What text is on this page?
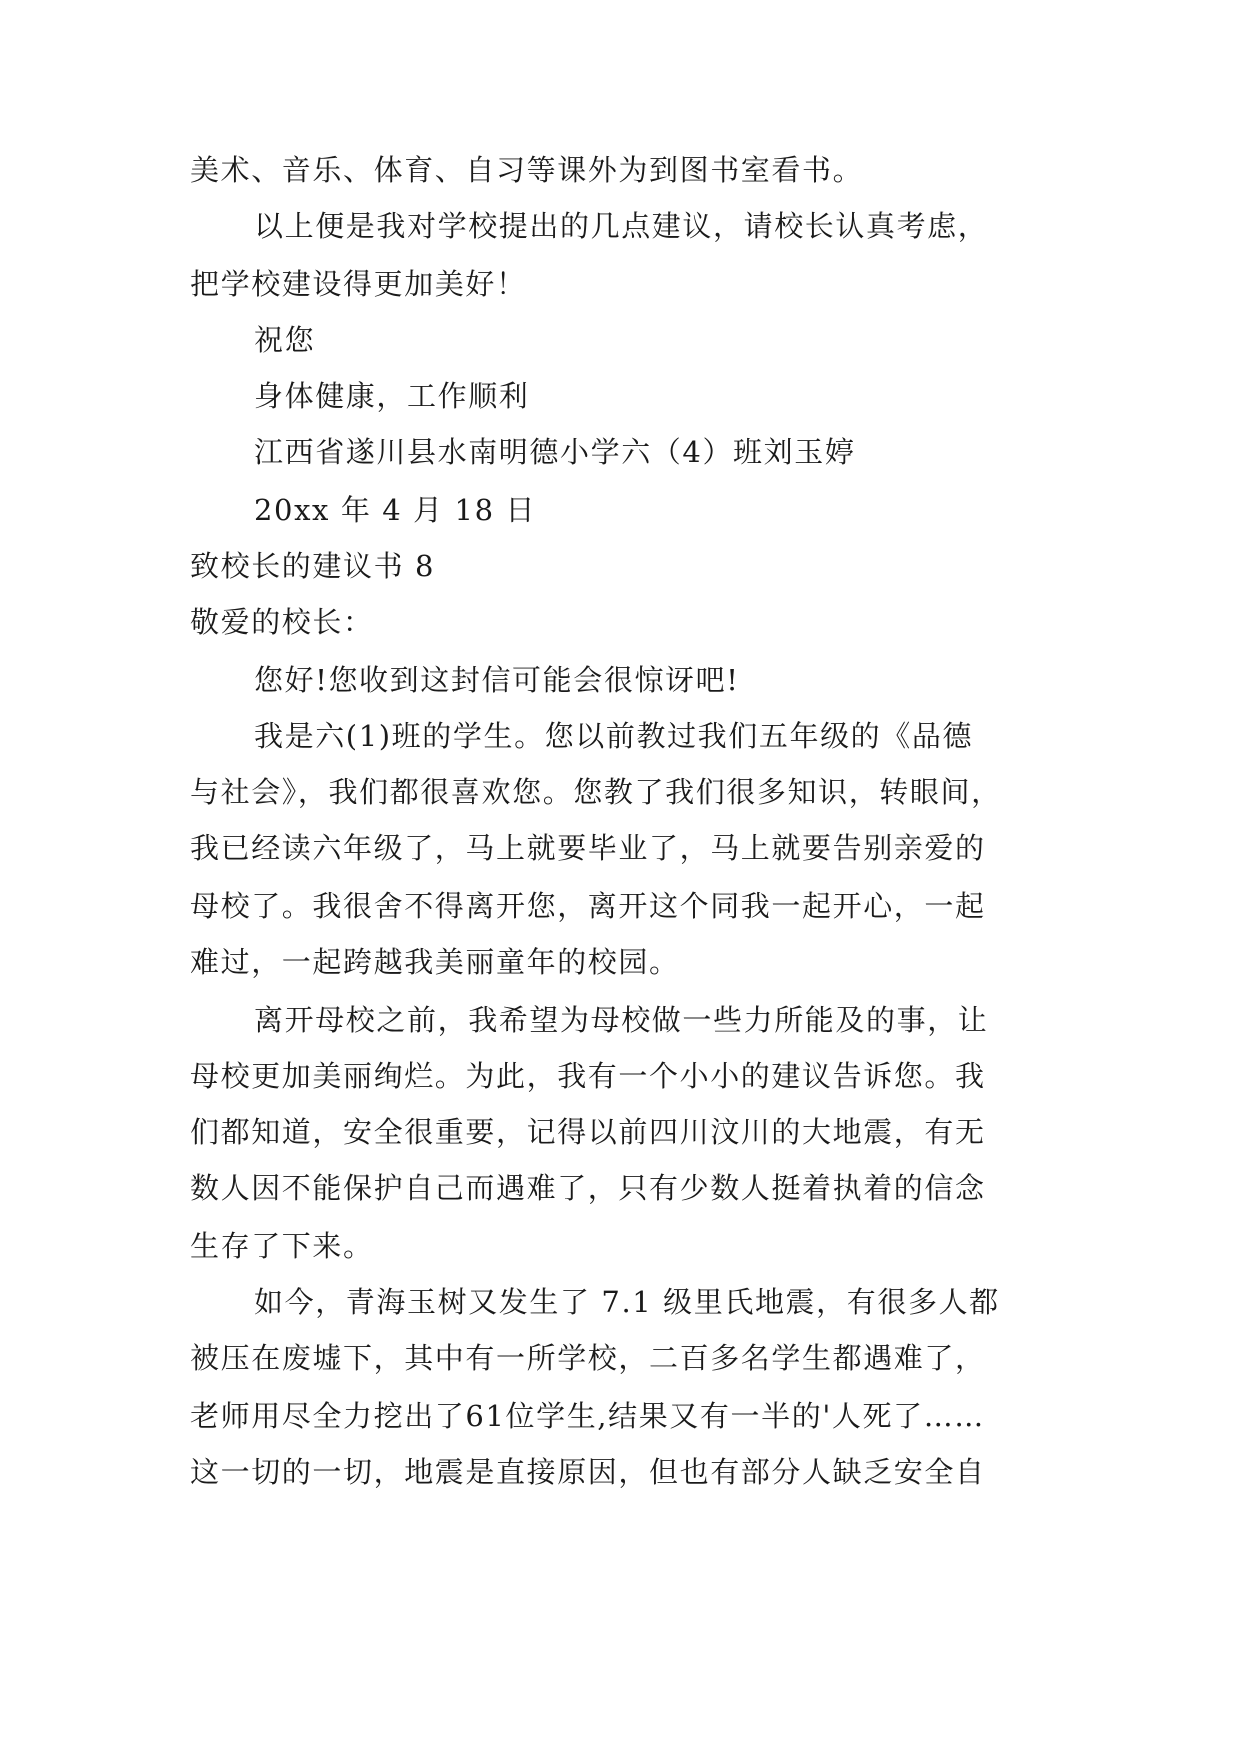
美术、音乐、体育、自习等课外为到图书室看书。
以上便是我对学校提出的几点建议，请校长认真考虑，
把学校建设得更加美好！
祝您
身体健康，工作顺利
江西省遂川县水南明德小学六（4）班刘玉婷
20xx 年 4 月 18 日
致校长的建议书 8
敬爱的校长：
您好!您收到这封信可能会很惊讶吧!
我是六(1)班的学生。您以前教过我们五年级的《品德
与社会》，我们都很喜欢您。您教了我们很多知识，转眼间，
我已经读六年级了，马上就要毕业了，马上就要告别亲爱的
母校了。我很舍不得离开您，离开这个同我一起开心，一起
难过，一起跨越我美丽童年的校园。
离开母校之前，我希望为母校做一些力所能及的事，让
母校更加美丽绚烂。为此，我有一个小小的建议告诉您。我
们都知道，安全很重要，记得以前四川汶川的大地震，有无
数人因不能保护自己而遇难了，只有少数人挺着执着的信念
生存了下来。
如今，青海玉树又发生了 7.1 级里氏地震，有很多人都
被压在废墟下，其中有一所学校，二百多名学生都遇难了，
老师用尽全力挖出了61位学生,结果又有一半的'人死了……
这一切的一切，地震是直接原因，但也有部分人缺乏安全自
